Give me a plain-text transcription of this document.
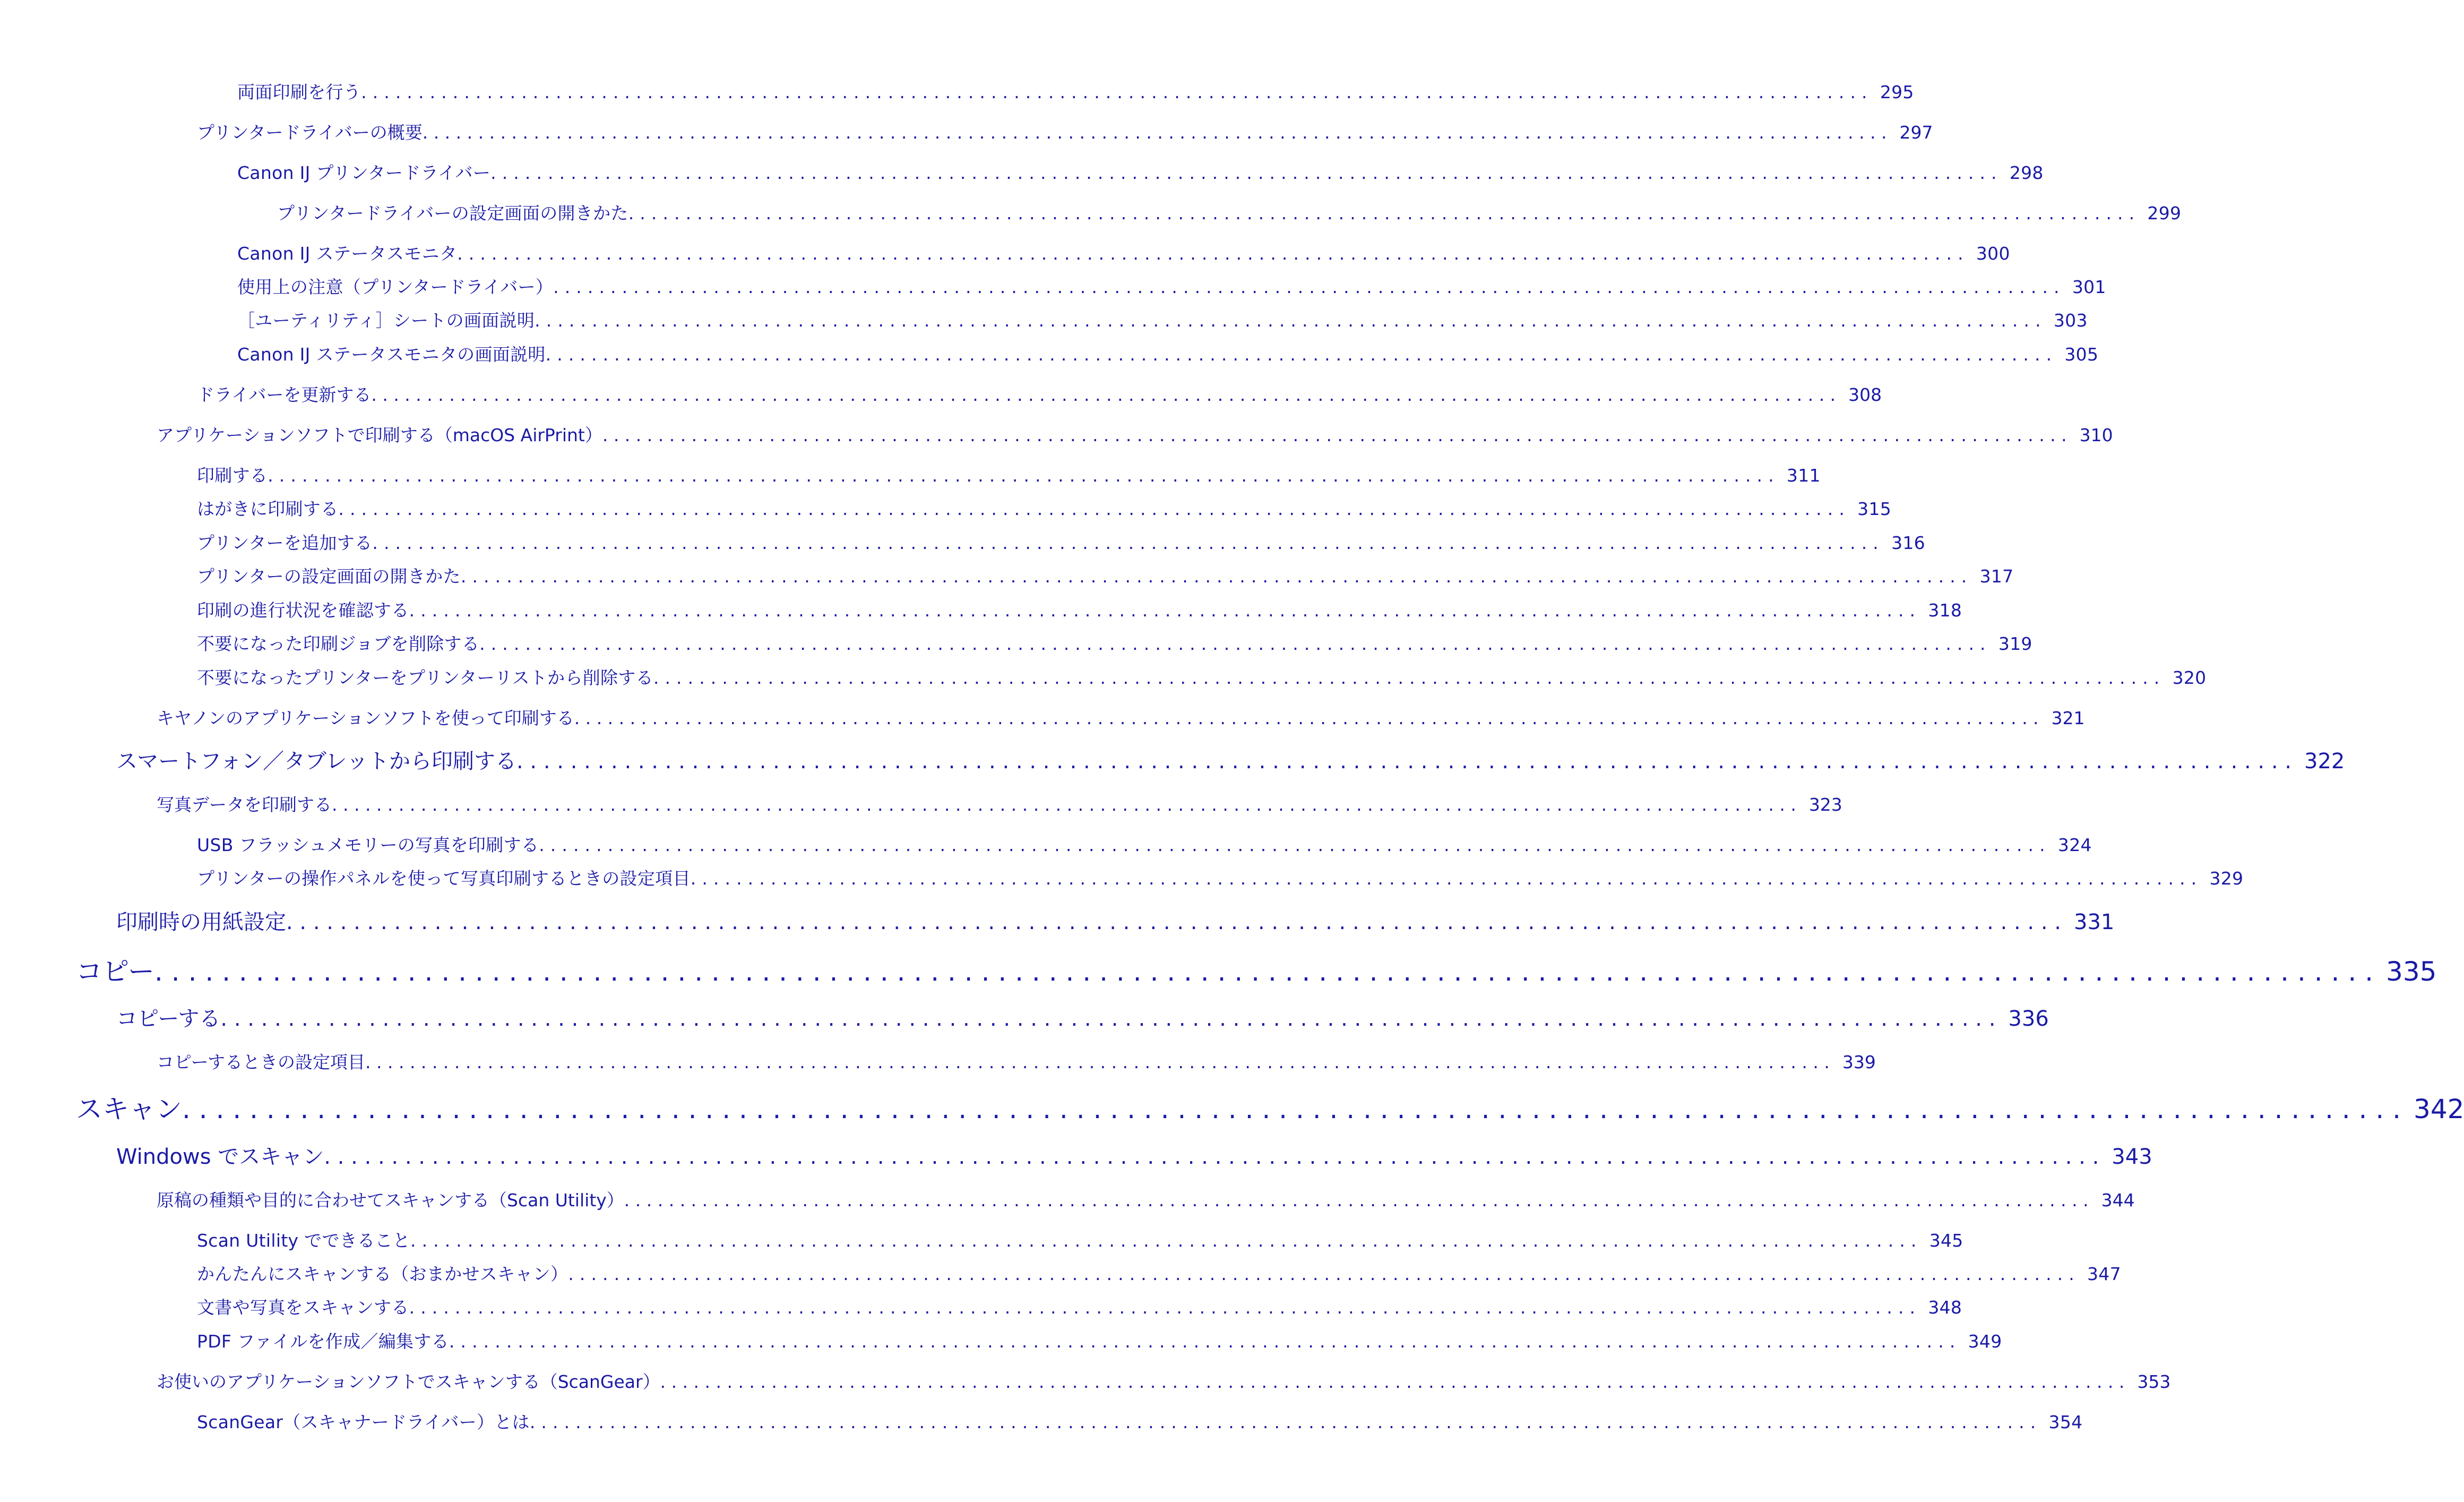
両面印刷を行う . . .	295
プリンタードライバーの概要 . . .	297
Canon IJ プリンタードライバー . . .	298
プリンタードライバーの設定画面の開きかた . . .	299
Canon IJ ステータスモニタ . . .	300
使用上の注意（プリンタードライバー） . . .	301
［ユーティリティ］シートの画面説明 . . .	303
Canon IJ ステータスモニタの画面説明 . . .	305
ドライバーを更新する . . .	308
アプリケーションソフトで印刷する（macOS AirPrint） . . .	310
印刷する . . .	311
はがきに印刷する . . .	315
プリンターを追加する . . .	316
プリンターの設定画面の開きかた . . .	317
印刷の進行状況を確認する . . .	318
不要になった印刷ジョブを削除する . . .	319
不要になったプリンターをプリンターリストから削除する . . .	320
キヤノンのアプリケーションソフトを使って印刷する . . .	321
スマートフォン／タブレットから印刷する . . .	322
写真データを印刷する . . .	323
USB フラッシュメモリーの写真を印刷する . . .	324
プリンターの操作パネルを使って写真印刷するときの設定項目 . . .	329
印刷時の用紙設定 . . .	331
コピー . . .	335
コピーする . . .	336
コピーするときの設定項目 . . .	339
スキャン . . .	342
Windows でスキャン . . .	343
原稿の種類や目的に合わせてスキャンする（Scan Utility） . . .	344
Scan Utility でできること . . .	345
かんたんにスキャンする（おまかせスキャン） . . .	347
文書や写真をスキャンする . . .	348
PDF ファイルを作成／編集する . . .	349
お使いのアプリケーションソフトでスキャンする（ScanGear） . . .	353
ScanGear（スキャナードライバー）とは . . .	354
